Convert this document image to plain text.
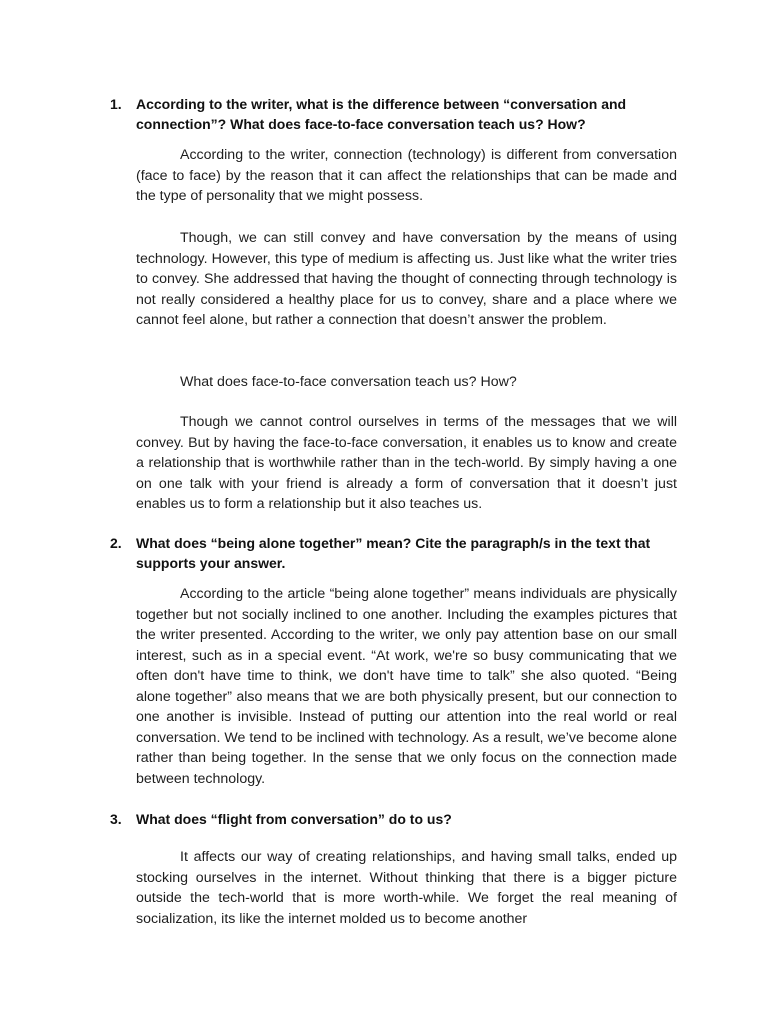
1.	According to the writer, what is the difference between “conversation and connection”? What does face-to-face conversation teach us? How?

According to the writer, connection (technology) is different from conversation (face to face) by the reason that it can affect the relationships that can be made and the type of personality that we might possess.

Though, we can still convey and have conversation by the means of using technology. However, this type of medium is affecting us. Just like what the writer tries to convey. She addressed that having the thought of connecting through technology is not really considered a healthy place for us to convey, share and a place where we cannot feel alone, but rather a connection that doesn’t answer the problem.

What does face-to-face conversation teach us? How?

Though we cannot control ourselves in terms of the messages that we will convey. But by having the face-to-face conversation, it enables us to know and create a relationship that is worthwhile rather than in the tech-world. By simply having a one on one talk with your friend is already a form of conversation that it doesn’t just enables us to form a relationship but it also teaches us.

2.	What does “being alone together” mean? Cite the paragraph/s in the text that supports your answer.

According to the article “being alone together” means individuals are physically together but not socially inclined to one another. Including the examples pictures that the writer presented. According to the writer, we only pay attention base on our small interest, such as in a special event. “At work, we're so busy communicating that we often don't have time to think, we don't have time to talk” she also quoted. “Being alone together” also means that we are both physically present, but our connection to one another is invisible. Instead of putting our attention into the real world or real conversation. We tend to be inclined with technology. As a result, we’ve become alone rather than being together. In the sense that we only focus on the connection made between technology.

3.	What does “flight from conversation” do to us?

It affects our way of creating relationships, and having small talks, ended up stocking ourselves in the internet. Without thinking that there is a bigger picture outside the tech-world that is more worth-while. We forget the real meaning of socialization, its like the internet molded us to become another
